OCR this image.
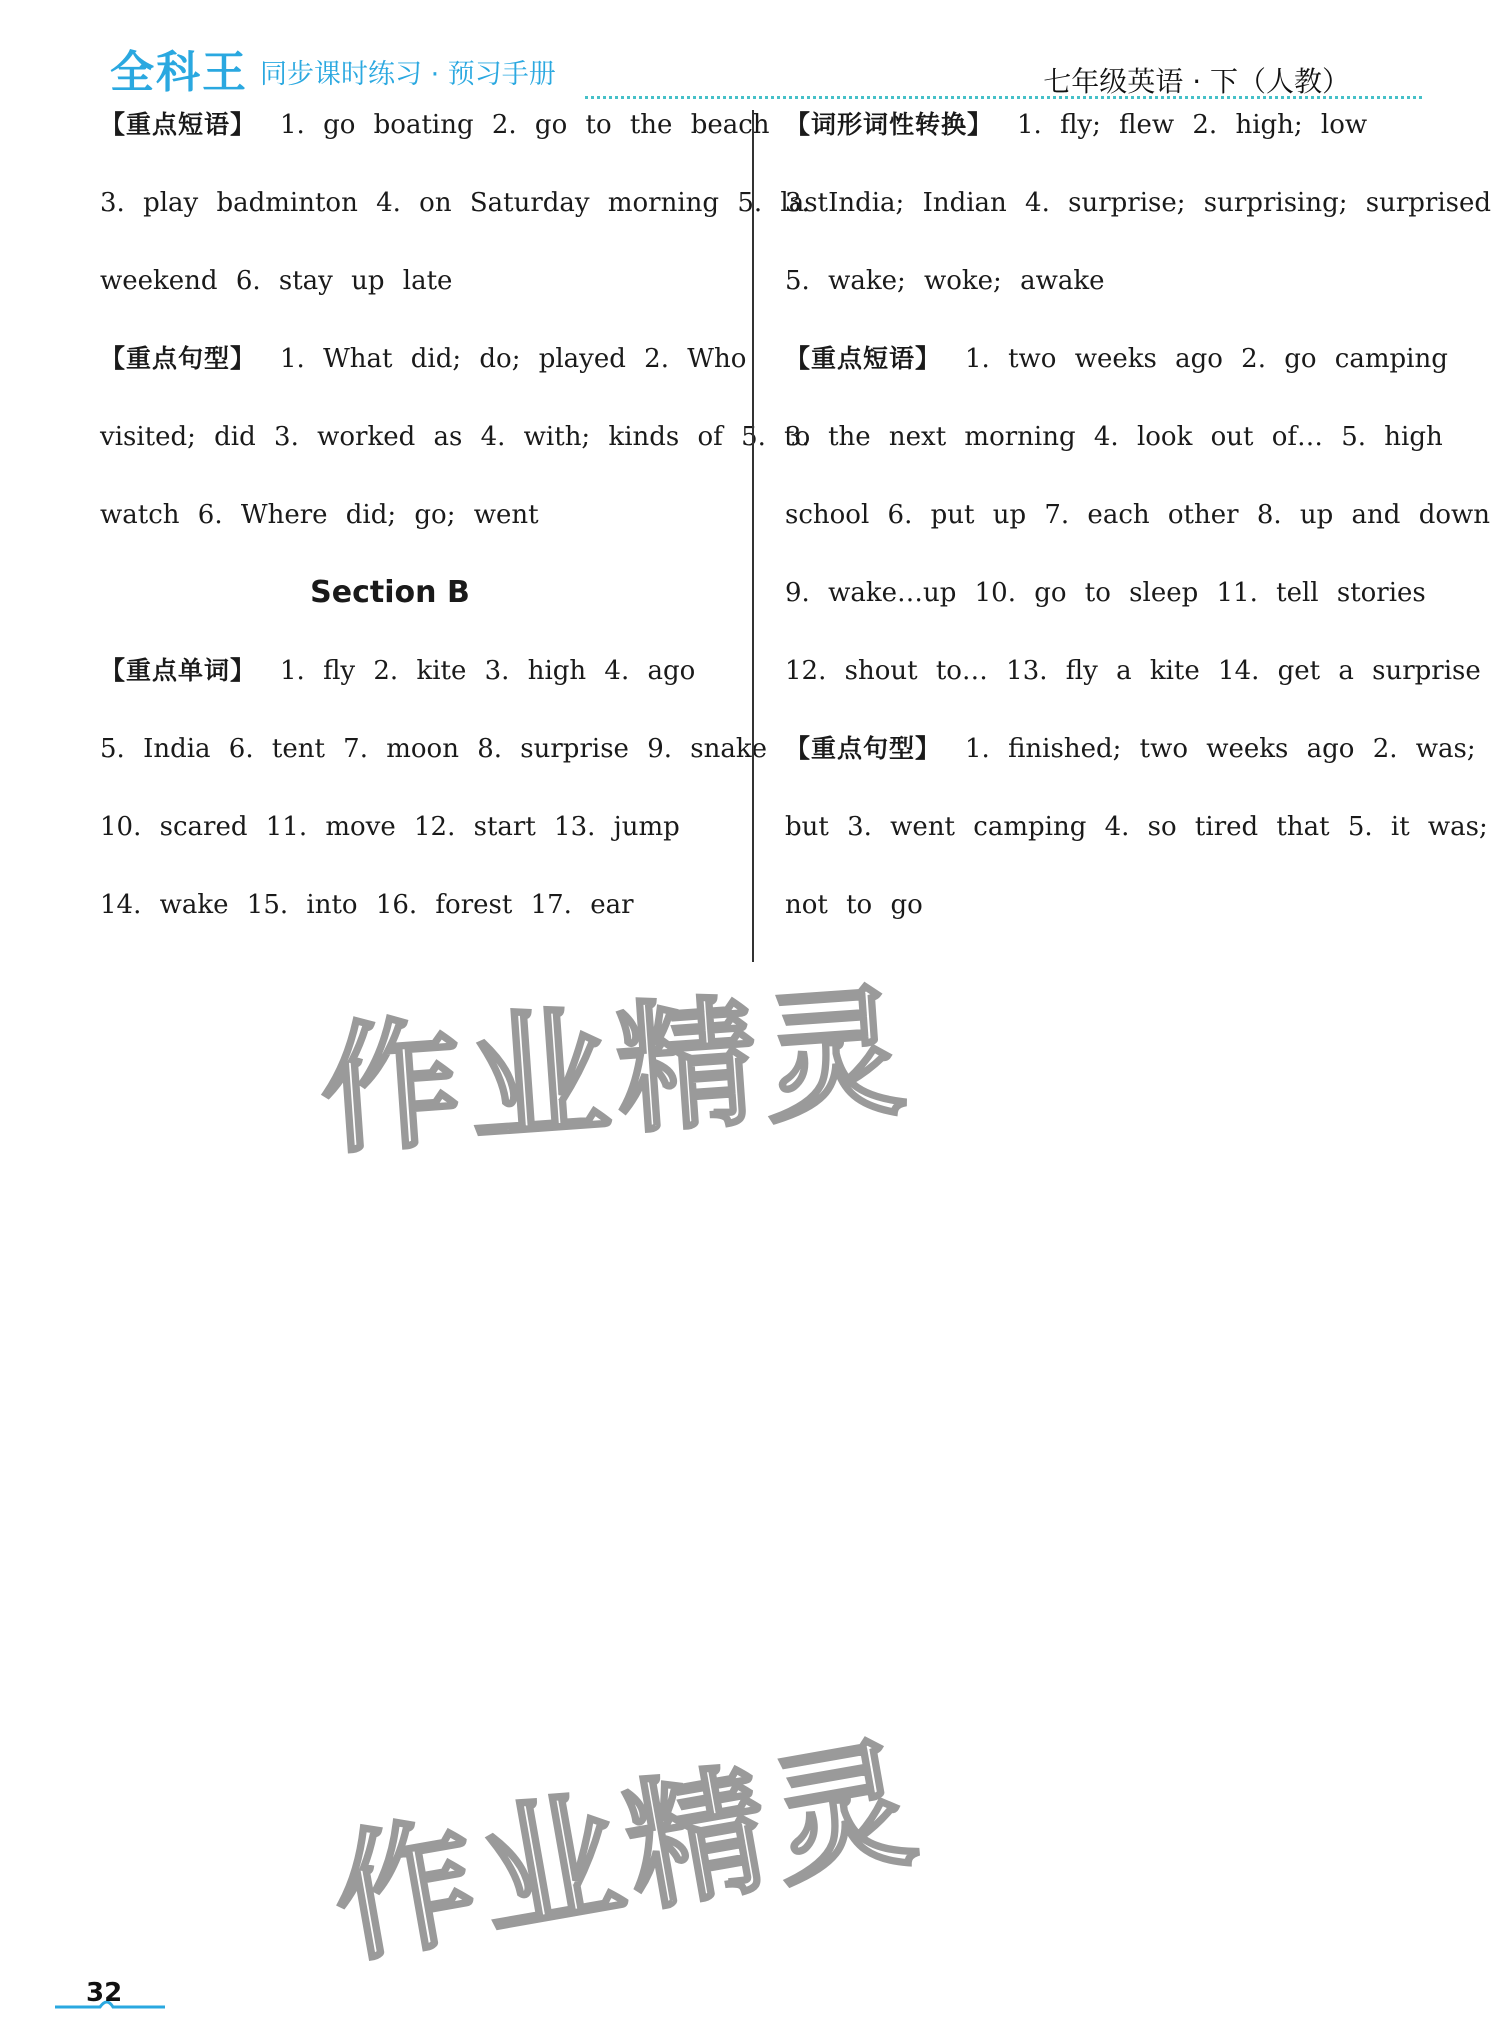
全科王 同步课时练习 · 预习手册	七年级英语 · 下（人教）
【重点短语】 1. go boating 2. go to the beach
3. play badminton 4. on Saturday morning 5. last
weekend 6. stay up late
【重点句型】 1. What did; do; played 2. Who
visited; did 3. worked as 4. with; kinds of 5. to
watch 6. Where did; go; went
Section B
【重点单词】 1. fly 2. kite 3. high 4. ago
5. India 6. tent 7. moon 8. surprise 9. snake
10. scared 11. move 12. start 13. jump
14. wake 15. into 16. forest 17. ear
【词形词性转换】 1. fly; flew 2. high; low
3. India; Indian 4. surprise; surprising; surprised
5. wake; woke; awake
【重点短语】 1. two weeks ago 2. go camping
3. the next morning 4. look out of… 5. high
school 6. put up 7. each other 8. up and down
9. wake…up 10. go to sleep 11. tell stories
12. shout to… 13. fly a kite 14. get a surprise
【重点句型】 1. finished; two weeks ago 2. was;
but 3. went camping 4. so tired that 5. it was;
not to go
作业精灵
作业精灵
32
